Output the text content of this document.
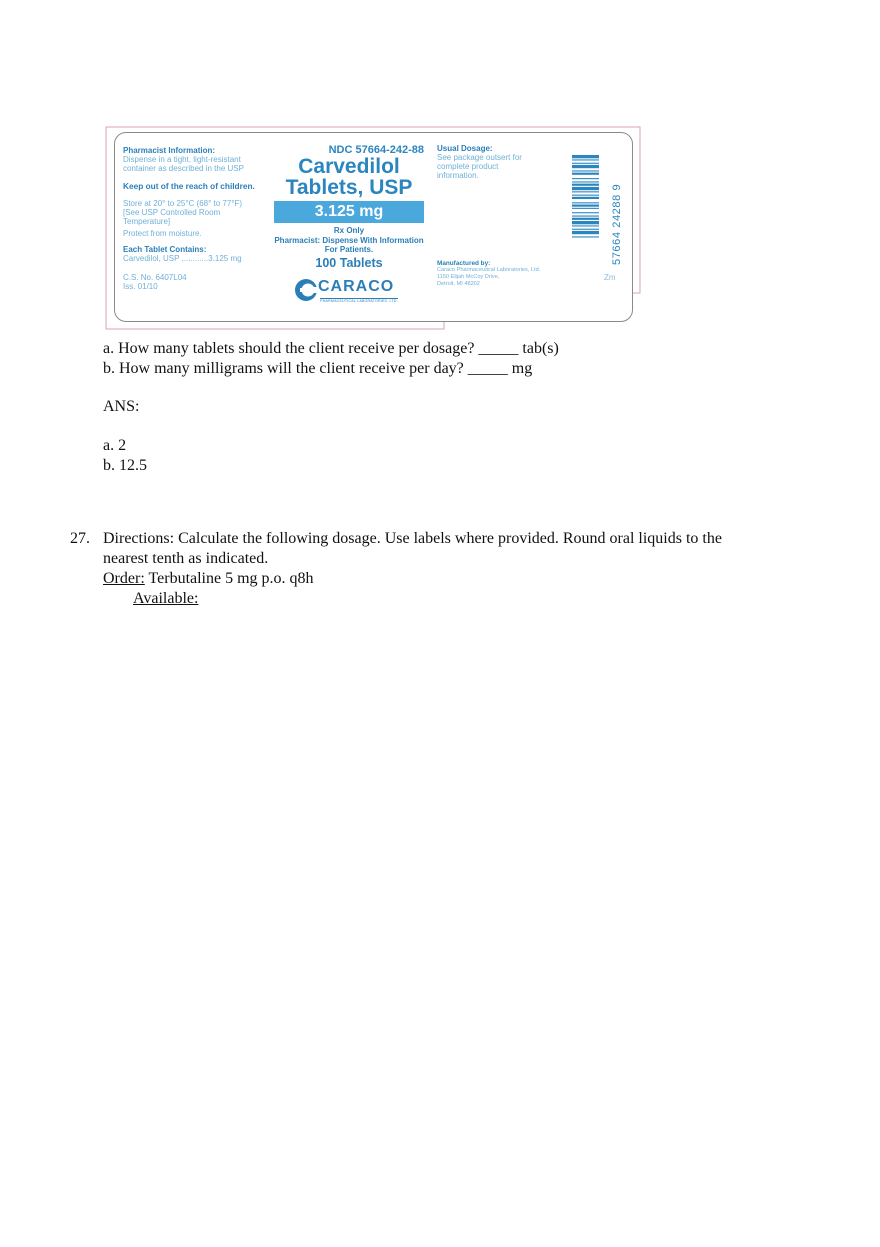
Pharmacist Information:
Dispense in a tight, light-resistant
container as described in the USP
Keep out of the reach of children.
Store at 20° to 25°C (68° to 77°F)
[See USP Controlled Room
Temperature]
Protect from moisture.
Each Tablet Contains:
Carvedilol, USP ............3.125 mg
C.S. No. 6407L04
Iss. 01/10
NDC 57664-242-88
Carvedilol
Tablets, USP
3.125 mg
Rx Only
Pharmacist: Dispense With Information
For Patients.
100 Tablets
CARACO
PHARMACEUTICAL LABORATORIES, LTD.
Usual Dosage:
See package outsert for
complete product
information.
Manufactured by:
Caraco Pharmaceutical Laboratories, Ltd.
1150 Elijah McCoy Drive,
Detroit, MI 48202
57664 24288 9
Zm
a. How many tablets should the client receive per dosage? _____ tab(s)
b. How many milligrams will the client receive per day? _____ mg
ANS:
a. 2
b. 12.5
27. Directions: Calculate the following dosage. Use labels where provided. Round oral liquids to the
nearest tenth as indicated.
Order: Terbutaline 5 mg p.o. q8h
Available:
